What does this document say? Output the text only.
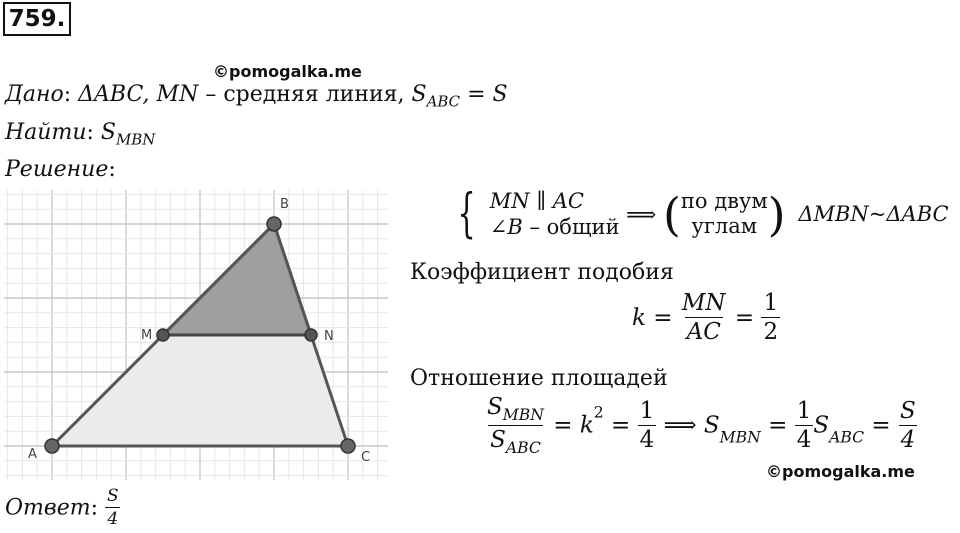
759.
©pomogalka.me
Дано: ΔABC, MN – средняя линия, $S_{ABC} = S$
Найти: $S_{MBN}$
Решение:
A
B
C
M	N
{ MN ∥ AC
∠B – общий
⟹ ( по двум
углам ) ΔMBN~ΔABC
Коэффициент подобия
$k = \frac{MN}{AC} = \frac{1}{2}$
Отношение площадей
$\frac{S_{MBN}}{S_{ABC}} = k^2 = \frac{1}{4}$ ⟹ $S_{MBN} = \frac{1}{4} S_{ABC} = \frac{S}{4}$
©pomogalka.me
Ответ: $\frac{S}{4}$
